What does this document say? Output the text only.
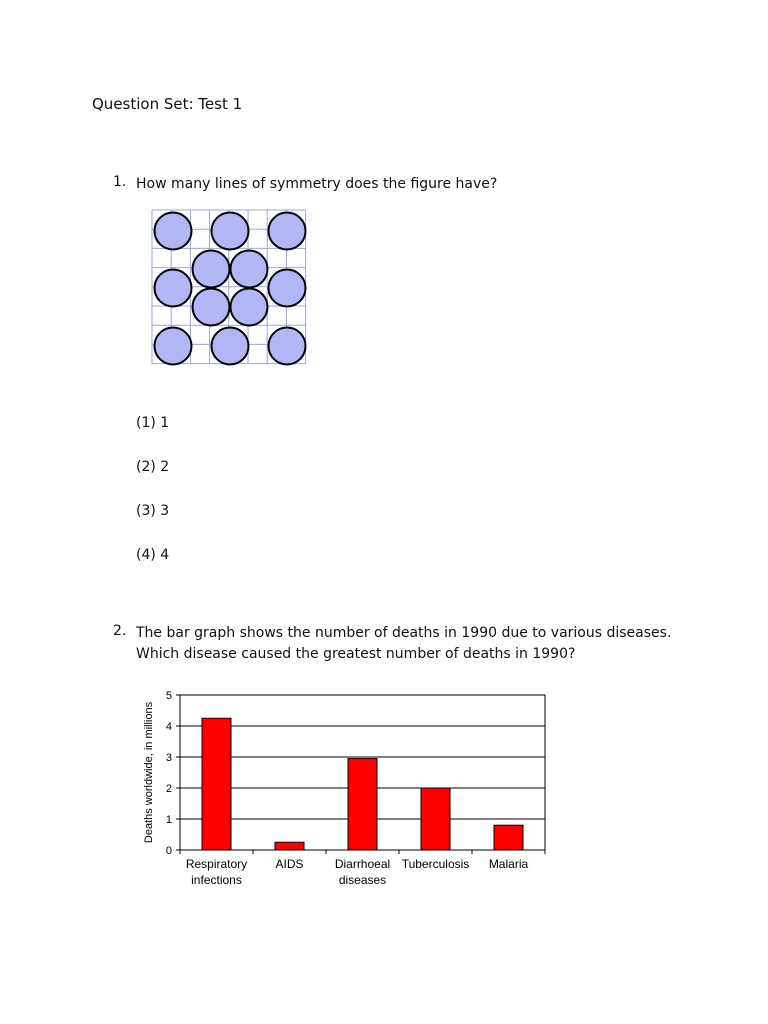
Question Set: Test 1
1. How many lines of symmetry does the figure have?
(1) 1
(2) 2
(3) 3
(4) 4
2. The bar graph shows the number of deaths in 1990 due to various diseases.
Which disease caused the greatest number of deaths in 1990?
0
1
2
3
4
5
Deaths worldwide, in millions
Respiratory infections
AIDS	Diarrhoeal diseases
Tuberculosis Malaria
